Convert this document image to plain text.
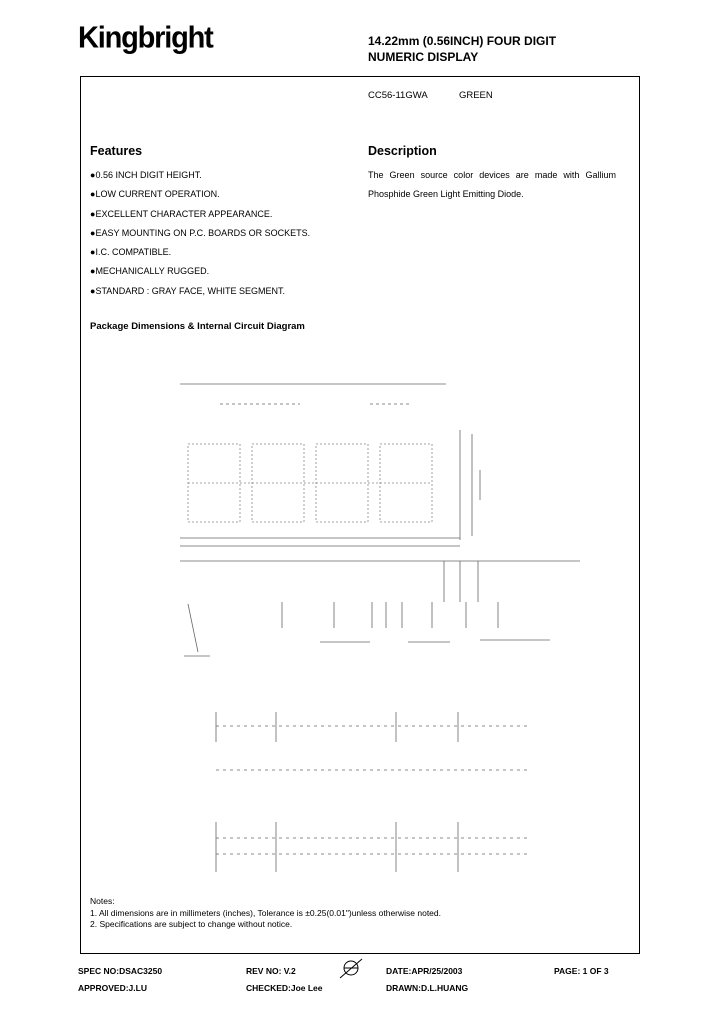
Kingbright	14.22mm (0.56INCH) FOUR DIGIT
NUMERIC DISPLAY
CC56-11GWA	GREEN
Features
●0.56 INCH DIGIT HEIGHT.
●LOW CURRENT OPERATION.
●EXCELLENT CHARACTER APPEARANCE.
●EASY MOUNTING ON P.C. BOARDS OR SOCKETS.
●I.C. COMPATIBLE.
●MECHANICALLY RUGGED.
●STANDARD : GRAY FACE, WHITE SEGMENT.
Description
The Green source color devices are made with Gallium Phosphide Green Light Emitting Diode.
Package Dimensions & Internal Circuit Diagram
Notes:
1. All dimensions are in millimeters (inches), Tolerance is ±0.25(0.01")unless otherwise noted.
2. Specifications are subject to change without notice.
SPEC NO:DSAC3250	REV NO: V.2	DATE:APR/25/2003	PAGE: 1 OF 3
APPROVED:J.LU	CHECKED:Joe Lee	DRAWN:D.L.HUANG
